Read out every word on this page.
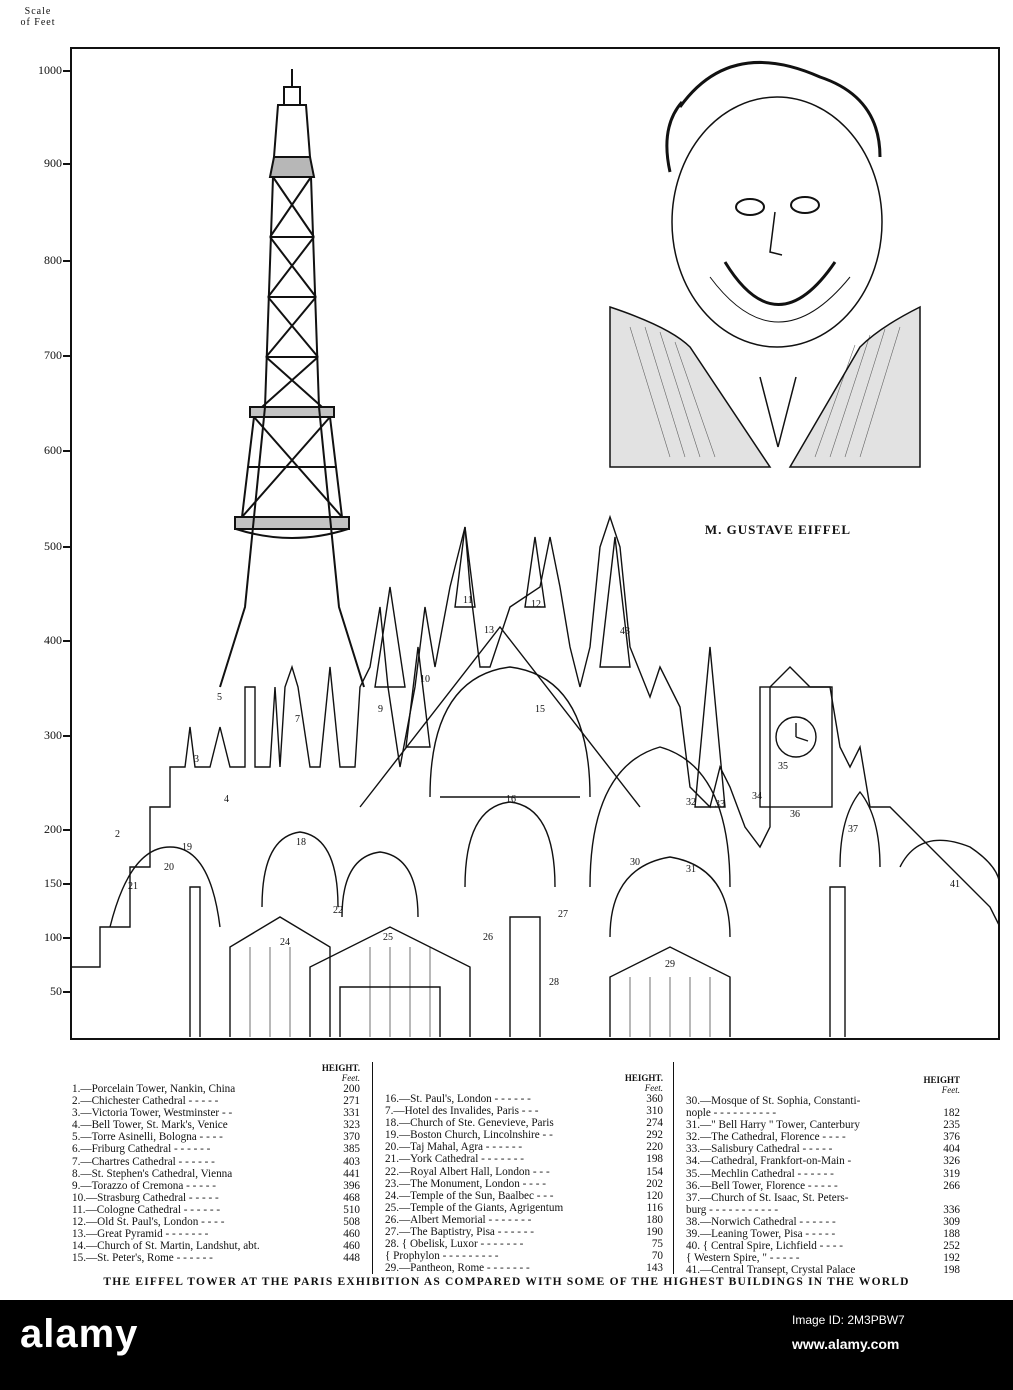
Scale
of Feet
1000
900
800
700
600
500
400
300
200
150
100
50
2
3
4
5
7
9
10
11	12
13
15
16
18
19
21
22
24	25	26
27
28
29
30
31
32 33
34
35
36
37
41
43
20
M. GUSTAVE EIFFEL
HEIGHT.
Feet.
1.—Porcelain Tower, Nankin, China	200
2.—Chichester Cathedral - - - - -	271
3.—Victoria Tower, Westminster - -	331
4.—Bell Tower, St. Mark's, Venice	323
5.—Torre Asinelli, Bologna - - - -	370
6.—Friburg Cathedral - - - - - -	385
7.—Chartres Cathedral - - - - - -	403
8.—St. Stephen's Cathedral, Vienna	441
9.—Torazzo of Cremona - - - - -	396
10.—Strasburg Cathedral - - - - -	468
11.—Cologne Cathedral - - - - - -	510
12.—Old St. Paul's, London - - - -	508
13.—Great Pyramid - - - - - - -	460
14.—Church of St. Martin, Landshut, abt.	460
15.—St. Peter's, Rome - - - - - -	448
HEIGHT.
Feet.
16.—St. Paul's, London - - - - - -	360
7.—Hotel des Invalides, Paris - - -	310
18.—Church of Ste. Genevieve, Paris	274
19.—Boston Church, Lincolnshire - -	292
20.—Taj Mahal, Agra - - - - - -	220
21.—York Cathedral - - - - - - -	198
22.—Royal Albert Hall, London - - -	154
23.—The Monument, London - - - -	202
24.—Temple of the Sun, Baalbec - - -	120
25.—Temple of the Giants, Agrigentum	116
26.—Albert Memorial - - - - - - -	180
27.—The Baptistry, Pisa - - - - - -	190
28. { Obelisk, Luxor - - - - - - -	75
{ Prophylon - - - - - - - - -	70
29.—Pantheon, Rome - - - - - - -	143
HEIGHT
Feet.
30.—Mosque of St. Sophia, Constanti-
nople - - - - - - - - - -	182
31.—" Bell Harry " Tower, Canterbury	235
32.—The Cathedral, Florence - - - -	376
33.—Salisbury Cathedral - - - - -	404
34.—Cathedral, Frankfort-on-Main -	326
35.—Mechlin Cathedral - - - - - -	319
36.—Bell Tower, Florence - - - - -	266
37.—Church of St. Isaac, St. Peters-
burg - - - - - - - - - - -	336
38.—Norwich Cathedral - - - - - -	309
39.—Leaning Tower, Pisa - - - - -	188
40. { Central Spire, Lichfield - - - -	252
{ Western Spire, " - - - - -	192
41.—Central Transept, Crystal Palace	198
THE EIFFEL TOWER AT THE PARIS EXHIBITION AS COMPARED WITH SOME OF THE HIGHEST BUILDINGS IN THE WORLD
alamy	Image ID: 2M3PBW7
www.alamy.com
